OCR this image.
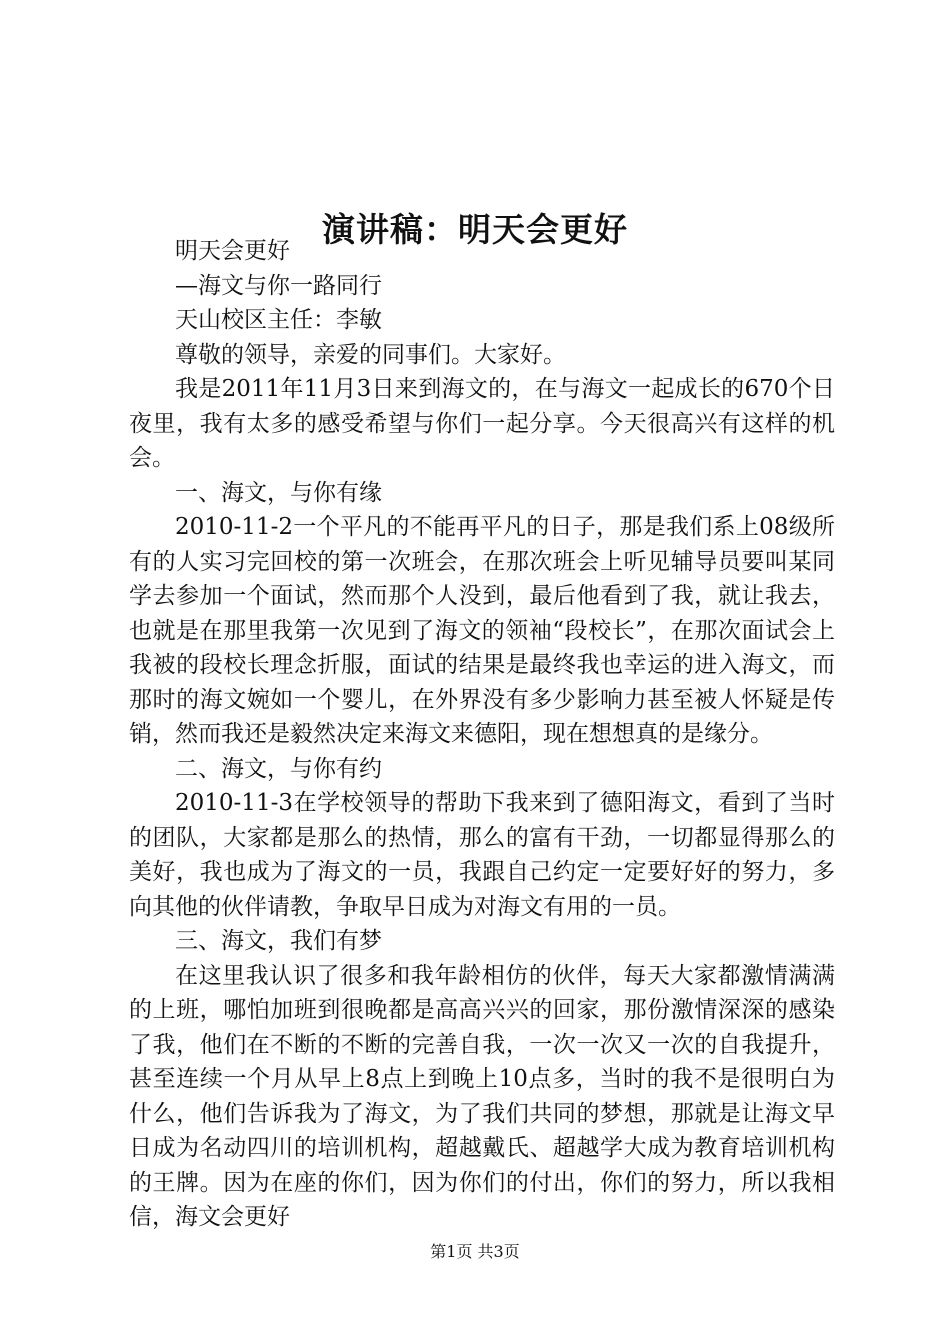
演讲稿：明天会更好

明天会更好

—海文与你一路同行

天山校区主任：李敏

尊敬的领导，亲爱的同事们。大家好。

我是2011年11月3日来到海文的，在与海文一起成长的670个日夜里，我有太多的感受希望与你们一起分享。今天很高兴有这样的机会。

一、海文，与你有缘

2010-11-2一个平凡的不能再平凡的日子，那是我们系上08级所有的人实习完回校的第一次班会，在那次班会上听见辅导员要叫某同学去参加一个面试，然而那个人没到，最后他看到了我，就让我去，也就是在那里我第一次见到了海文的领袖“段校长”，在那次面试会上我被的段校长理念折服，面试的结果是最终我也幸运的进入海文，而那时的海文婉如一个婴儿，在外界没有多少影响力甚至被人怀疑是传销，然而我还是毅然决定来海文来德阳，现在想想真的是缘分。

二、海文，与你有约

2010-11-3在学校领导的帮助下我来到了德阳海文，看到了当时的团队，大家都是那么的热情，那么的富有干劲，一切都显得那么的美好，我也成为了海文的一员，我跟自己约定一定要好好的努力，多向其他的伙伴请教，争取早日成为对海文有用的一员。

三、海文，我们有梦

在这里我认识了很多和我年龄相仿的伙伴，每天大家都激情满满的上班，哪怕加班到很晚都是高高兴兴的回家，那份激情深深的感染了我，他们在不断的不断的完善自我，一次一次又一次的自我提升，甚至连续一个月从早上8点上到晚上10点多，当时的我不是很明白为什么，他们告诉我为了海文，为了我们共同的梦想，那就是让海文早日成为名动四川的培训机构，超越戴氏、超越学大成为教育培训机构的王牌。因为在座的你们，因为你们的付出，你们的努力，所以我相信，海文会更好

第1页 共3页
